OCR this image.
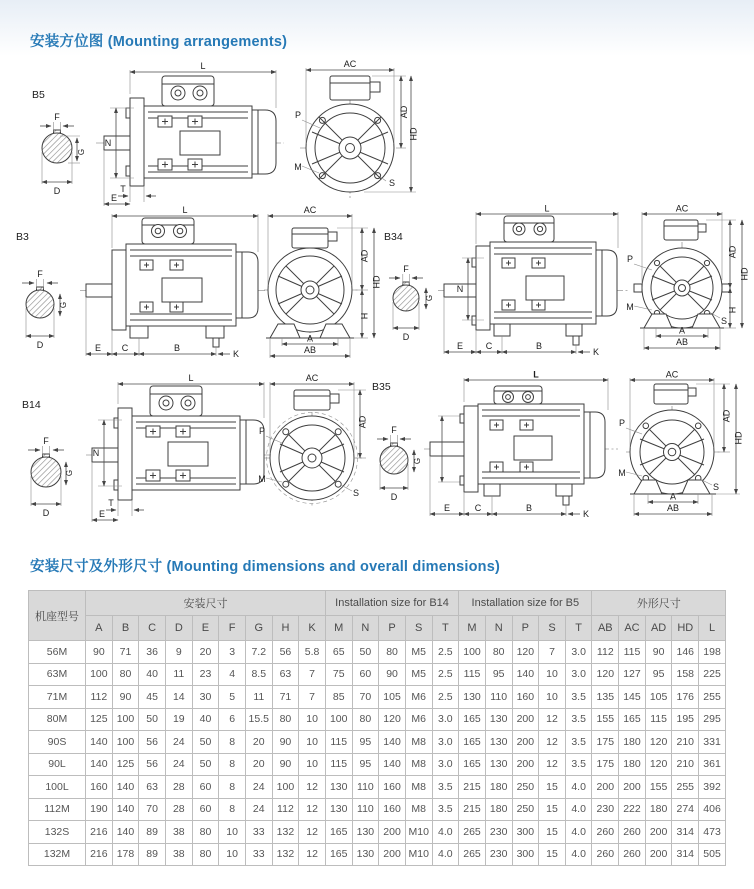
安装方位图 (Mounting arrangements)
B5
F
D
G
L
N
T
E
AC
AD
HD
P
M
S
B3
F
D
G
L
E C	B
K
AC
AD
H
HD
A
AB
B34
F
D
G
L
N
E	C	B
K
AC
P
M
S
AD
H
HD
A
AB
B14
F
D
G
L
N
T
E
AC
P
M
S
AD
B35
F
D
G
L
E	C	B
K
AC
P
M
S
AD
HD
A
AB
安装尺寸及外形尺寸 (Mounting dimensions and overall dimensions)
机座型号	安装尺寸									Installation size for B14					Installation size for B5					外形尺寸				
	A	B	C	D	E	F	G	H	K	M	N	P	S	T	M	N	P	S	T	AB	AC	AD	HD	L
56M	90	71	36	9	20	3	7.2	56	5.8	65	50	80	M5	2.5	100	80	120	7	3.0	112	115	90	146	198
63M	100	80	40	11	23	4	8.5	63	7	75	60	90	M5	2.5	115	95	140	10	3.0	120	127	95	158	225
71M	112	90	45	14	30	5	11	71	7	85	70	105	M6	2.5	130	110	160	10	3.5	135	145	105	176	255
80M	125	100	50	19	40	6	15.5	80	10	100	80	120	M6	3.0	165	130	200	12	3.5	155	165	115	195	295
90S	140	100	56	24	50	8	20	90	10	115	95	140	M8	3.0	165	130	200	12	3.5	175	180	120	210	331
90L	140	125	56	24	50	8	20	90	10	115	95	140	M8	3.0	165	130	200	12	3.5	175	180	120	210	361
100L	160	140	63	28	60	8	24	100	12	130	110	160	M8	3.5	215	180	250	15	4.0	200	200	155	255	392
112M	190	140	70	28	60	8	24	112	12	130	110	160	M8	3.5	215	180	250	15	4.0	230	222	180	274	406
132S	216	140	89	38	80	10	33	132	12	165	130	200	M10	4.0	265	230	300	15	4.0	260	260	200	314	473
132M	216	178	89	38	80	10	33	132	12	165	130	200	M10	4.0	265	230	300	15	4.0	260	260	200	314	505
